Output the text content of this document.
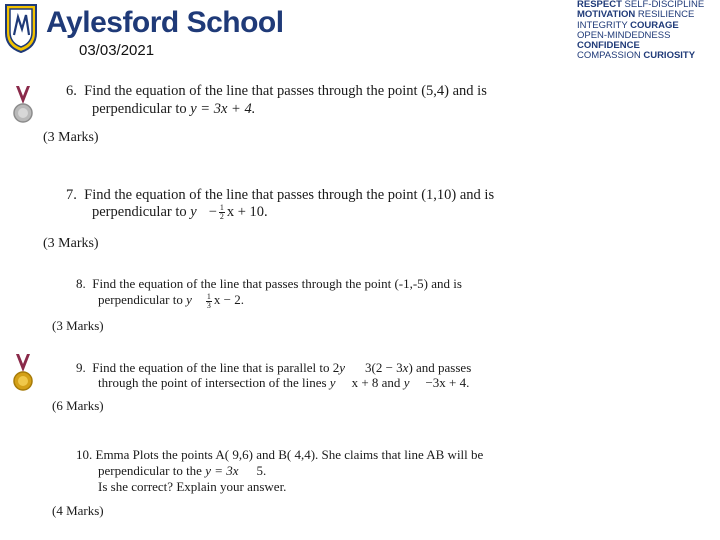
Aylesford School
03/03/2021
RESPECT SELF-DISCIPLINE
MOTIVATION RESILIENCE
INTEGRITY COURAGE
OPEN-MINDEDNESS
CONFIDENCE
COMPASSION CURIOSITY
6. Find the equation of the line that passes through the point (5,4) and is
perpendicular to y = 3x + 4.
(3 Marks)
7. Find the equation of the line that passes through the point (1,10) and is
perpendicular to $y - \frac{1}{2}$ x + 10.
(3 Marks)
8. Find the equation of the line that passes through the point (-1,-5) and is
perpendicular to y $\frac{1}{3}$ x − 2.
(3 Marks)
9. Find the equation of the line that is parallel to 2y 3(2 − 3x) and passes
through the point of intersection of the lines y x + 8 and y −3x + 4.
(6 Marks)
10. Emma Plots the points A( 9,6) and B( 4,4). She claims that line AB will be
perpendicular to the y = 3x 5.
Is she correct? Explain your answer.
(4 Marks)
